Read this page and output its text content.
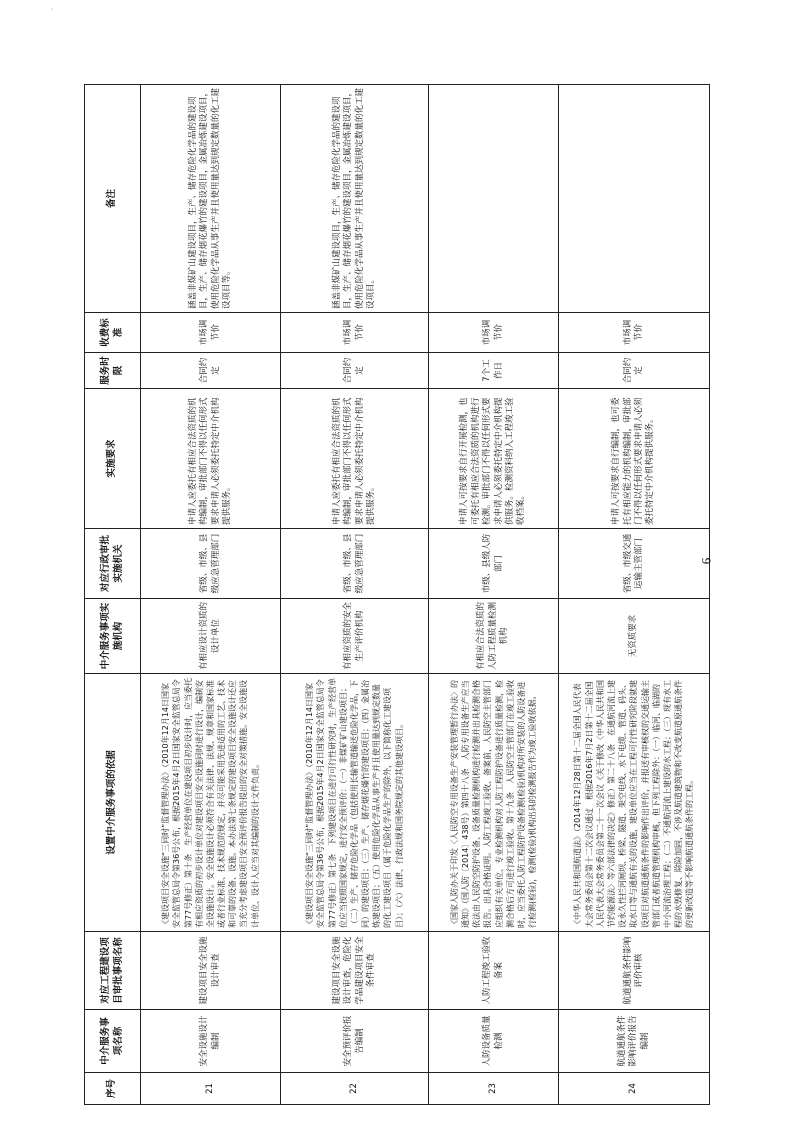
˙
序号	中介服务事项名称	对应工程建设项目审批事项名称	设置中介服务事项的依据	中介服务事项实施机构	对应行政审批实施机关	实施要求	服务时限	收费标准	备注
21	安全设施设计编制	建设项目安全设施设计审查	《建设项目安全设施“三同时”监督管理办法》（2010年12月14日国家安全监管总局令第36号公布，根据2015年4月2日国家安全监管总局令第77号修正）第十条　生产经营单位在建设项目初步设计时，应当委托有相应资质的初步设计单位对建设项目安全设施同时进行设计，编制安全设施设计。安全设施设计必须符合有关法律、法规、规章和国家标准或者行业标准、技术规范的规定，并尽可能采用先进适用的工艺、技术和可靠的设备、设施。本办法第七条规定的建设项目安全设施设计还应当充分考虑建设项目安全预评价报告提出的安全对策措施。安全设施设计单位、设计人应当对其编制的设计文件负责。	有相应设计资质的设计单位	省级、市级、县级应急管理部门	申请人应委托有相应合法资质的机构编制，审批部门不得以任何形式要求申请人必须委托特定中介机构提供服务。	合同约定	市场调节价	涵盖非煤矿山建设项目，生产、储存危险化学品的建设项目，生产、储存烟花爆竹的建设项目，金属冶炼建设项目，使用危险化学品从事生产并且使用量达到规定数量的化工建设项目等。
22	安全预评价报告编制	建设项目安全设施设计审查，危险化学品建设项目安全条件审查	《建设项目安全设施“三同时”监督管理办法》（2010年12月14日国家安全监管总局令第36号公布，根据2015年4月2日国家安全监管总局令第77号修正）第七条　下列建设项目在进行可行性研究时，生产经营单位应当按照国家规定，进行安全预评价：（一）非煤矿矿山建设项目；（二）生产、储存危险化学品（包括使用长输管道输送危险化学品，下同）的建设项目；（三）生产、储存烟花爆竹的建设项目；（四）金属冶炼建设项目；（五）使用危险化学品从事生产并且使用量达到规定数量的化工建设项目（属于危险化学品生产的除外，以下简称化工建设项目）；（六）法律、行政法规和国务院规定的其他建设项目。	有相应资质的安全生产评价机构	省级、市级、县级应急管理部门	申请人应委托有相应合法资质的机构编制，审批部门不得以任何形式要求申请人必须委托特定中介机构提供服务。	合同约定	市场调节价	涵盖非煤矿山建设项目，生产、储存危险化学品的建设项目，生产、储存烟花爆竹的建设项目，金属冶炼建设项目，使用危险化学品从事生产并且使用量达到规定数量的化工建设项目。
23	人防设备质量检测	人防工程竣工验收备案	《国家人防办关于印发〈人民防空专用设备生产安装管理暂行办法〉的通知》（国人防〔2014〕438号）第四十八条　人防专用设备生产应当依法由人民防空防护设备、设备质量检测机构进行检测并出具检测合格报告。出具合格证明。人防工程竣工验收、备案前，人民防空主管部门应组织有关单位、专业检测机构对人防工程防护设备进行质量检测，检测合格后方可进行竣工验收。第十九条　人民防空主管部门在竣工验收时，应当委托人防工程防护设备检测(检验)机构对所安装的人防设备进行检测(检验)，检测(检验)机构出具的检测报告作为竣工验收依据。	有相应合法资质的人防工程质量检测机构	市级、县级人防部门	申请人可按要求自行开展检测，也可委托有相应合法资质的机构进行检测。审批部门不得以任何形式要求申请人必须委托特定中介机构提供服务。检测资料纳入工程竣工验收档案。	7个工作日	市场调节价	
24	航道通航条件影响评价报告编制	航道通航条件影响评价审核	《中华人民共和国航道法》（2014年12月28日第十二届全国人民代表大会常务委员会第十二次会议通过　根据2016年7月2日第十二届全国人民代表大会常务委员会第二十一次会议《关于修改〈中华人民共和国节约能源法〉等六部法律的决定》修正）第二十八条　在通航河流上建设永久性拦河闸坝、桥梁、隧道、架空电线、水下电缆、管道、码头、取水口等与通航有关的设施，建设单位应当在工程可行性研究阶段就建设项目对航道通航条件的影响作出评价，并报送有审核权的交通运输主管部门或者航道管理机构审核，但下列工程除外：（一）临河、临湖的中小河流治理工程；（二）不通航河流上建设的水工程；（三）现有水工程的水毁修复、除险加固，不涉及航道建筑物和不改变航道原通航条件的更新改造等不影响航道通航条件的工程。	无资质要求	省级、市级交通运输主管部门	申请人可按要求自行编制，也可委托有相应能力的机构编制，审批部门不得以任何形式要求申请人必须委托特定中介机构提供服务。	合同约定	市场调节价	
6
